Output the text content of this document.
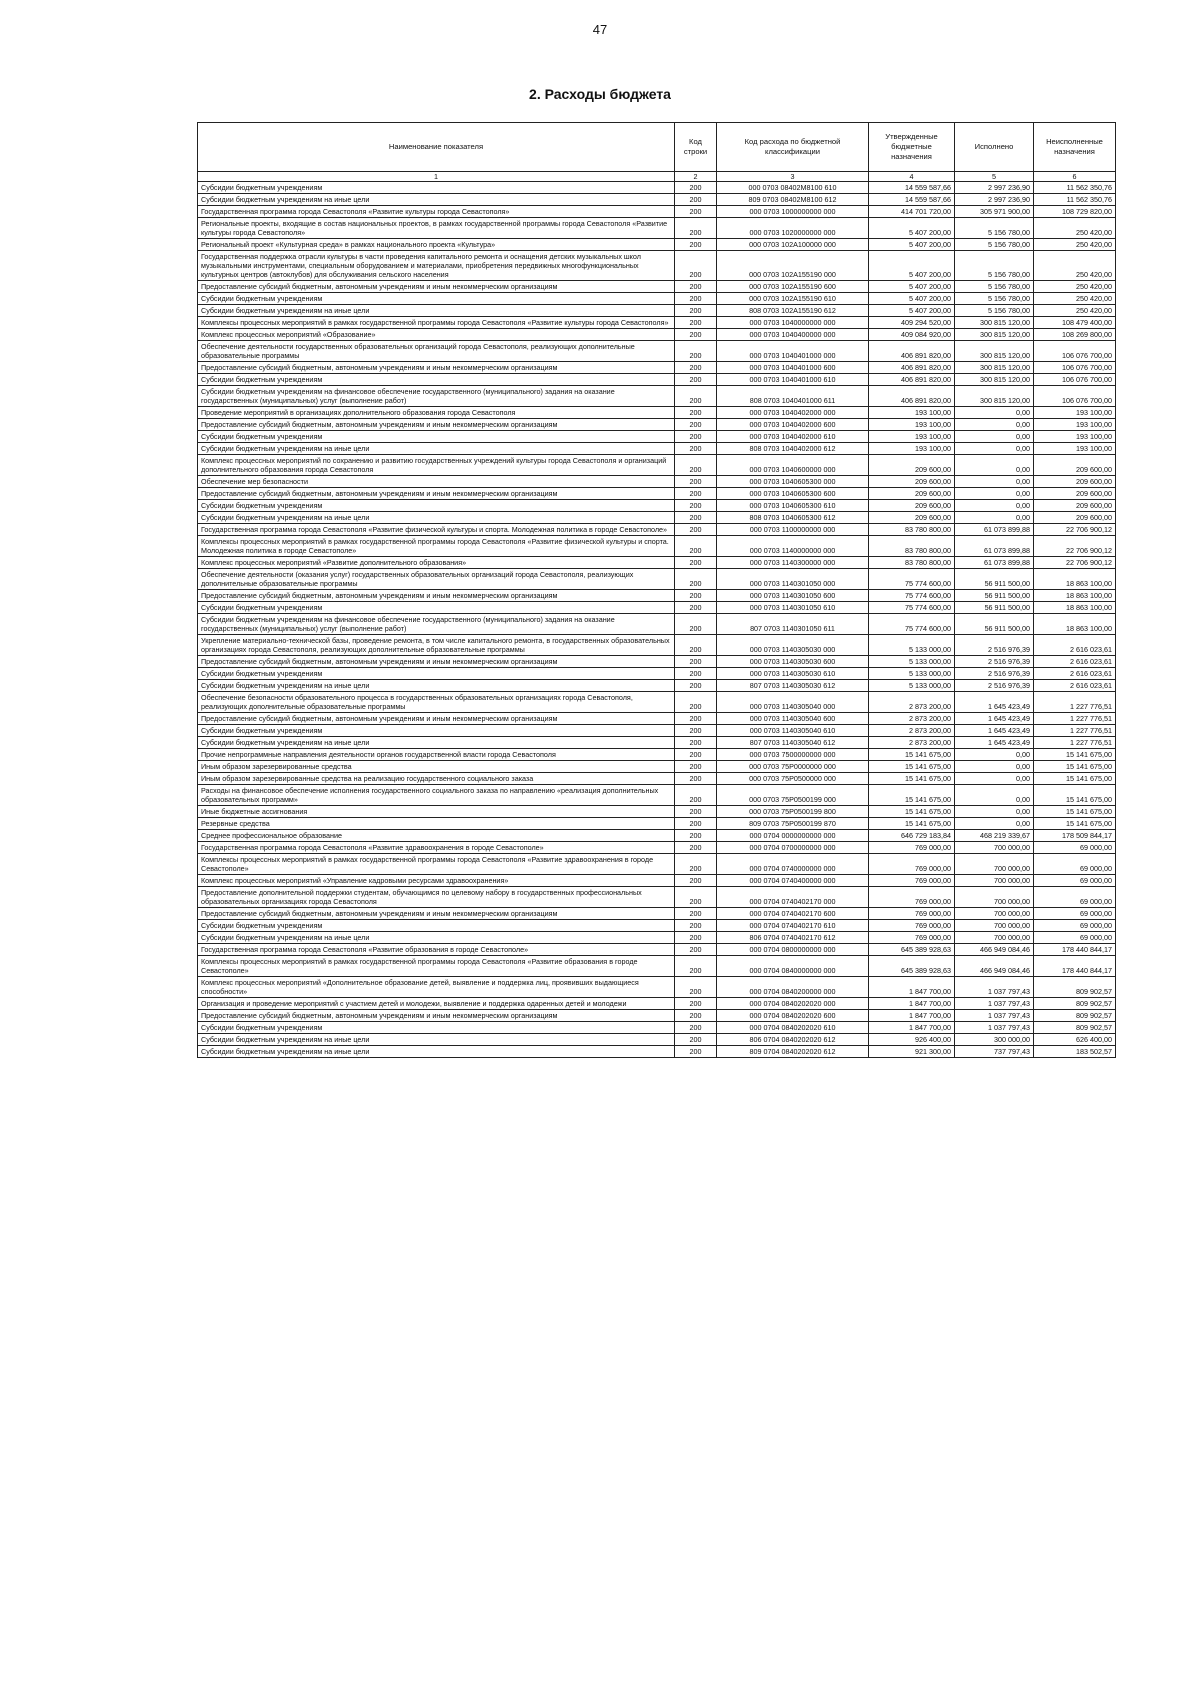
47
2. Расходы бюджета
Наименование показателя	Код строки	Код расхода по бюджетной классификации	Утвержденные бюджетные назначения	Исполнено	Неисполненные назначения
1	2	3	4	5	6
Субсидии бюджетным учреждениям	200	000 0703 08402M8100 610	14 559 587,66	2 997 236,90	11 562 350,76
Субсидии бюджетным учреждениям на иные цели	200	809 0703 08402M8100 612	14 559 587,66	2 997 236,90	11 562 350,76
Государственная программа города Севастополя «Развитие культуры города Севастополя»	200	000 0703 1000000000 000	414 701 720,00	305 971 900,00	108 729 820,00
Региональные проекты, входящие в состав национальных проектов, в рамках государственной программы города Севастополя «Развитие культуры города Севастополя»	200	000 0703 1020000000 000	5 407 200,00	5 156 780,00	250 420,00
Региональный проект «Культурная среда» в рамках национального проекта «Культура»	200	000 0703 102A100000 000	5 407 200,00	5 156 780,00	250 420,00
Государственная поддержка отрасли культуры в части проведения капитального ремонта и оснащения детских музыкальных школ музыкальными инструментами, специальным оборудованием и материалами, приобретения передвижных многофункциональных культурных центров (автоклубов) для обслуживания сельского населения	200	000 0703 102A155190 000	5 407 200,00	5 156 780,00	250 420,00
Предоставление субсидий бюджетным, автономным учреждениям и иным некоммерческим организациям	200	000 0703 102A155190 600	5 407 200,00	5 156 780,00	250 420,00
Субсидии бюджетным учреждениям	200	000 0703 102A155190 610	5 407 200,00	5 156 780,00	250 420,00
Субсидии бюджетным учреждениям на иные цели	200	808 0703 102A155190 612	5 407 200,00	5 156 780,00	250 420,00
Комплексы процессных мероприятий в рамках государственной программы города Севастополя «Развитие культуры города Севастополя»	200	000 0703 1040000000 000	409 294 520,00	300 815 120,00	108 479 400,00
Комплекс процессных мероприятий «Образование»	200	000 0703 1040400000 000	409 084 920,00	300 815 120,00	108 269 800,00
Обеспечение деятельности государственных образовательных организаций города Севастополя, реализующих дополнительные образовательные программы	200	000 0703 1040401000 000	406 891 820,00	300 815 120,00	106 076 700,00
Предоставление субсидий бюджетным, автономным учреждениям и иным некоммерческим организациям	200	000 0703 1040401000 600	406 891 820,00	300 815 120,00	106 076 700,00
Субсидии бюджетным учреждениям	200	000 0703 1040401000 610	406 891 820,00	300 815 120,00	106 076 700,00
Субсидии бюджетным учреждениям на финансовое обеспечение государственного (муниципального) задания на оказание государственных (муниципальных) услуг (выполнение работ)	200	808 0703 1040401000 611	406 891 820,00	300 815 120,00	106 076 700,00
Проведение мероприятий в организациях дополнительного образования города Севастополя	200	000 0703 1040402000 000	193 100,00	0,00	193 100,00
Предоставление субсидий бюджетным, автономным учреждениям и иным некоммерческим организациям	200	000 0703 1040402000 600	193 100,00	0,00	193 100,00
Субсидии бюджетным учреждениям	200	000 0703 1040402000 610	193 100,00	0,00	193 100,00
Субсидии бюджетным учреждениям на иные цели	200	808 0703 1040402000 612	193 100,00	0,00	193 100,00
Комплекс процессных мероприятий по сохранению и развитию государственных учреждений культуры города Севастополя и организаций дополнительного образования города Севастополя	200	000 0703 1040600000 000	209 600,00	0,00	209 600,00
Обеспечение мер безопасности	200	000 0703 1040605300 000	209 600,00	0,00	209 600,00
Предоставление субсидий бюджетным, автономным учреждениям и иным некоммерческим организациям	200	000 0703 1040605300 600	209 600,00	0,00	209 600,00
Субсидии бюджетным учреждениям	200	000 0703 1040605300 610	209 600,00	0,00	209 600,00
Субсидии бюджетным учреждениям на иные цели	200	808 0703 1040605300 612	209 600,00	0,00	209 600,00
Государственная программа города Севастополя «Развитие физической культуры и спорта. Молодежная политика в городе Севастополе»	200	000 0703 1100000000 000	83 780 800,00	61 073 899,88	22 706 900,12
Комплексы процессных мероприятий в рамках государственной программы города Севастополя «Развитие физической культуры и спорта. Молодежная политика в городе Севастополе»	200	000 0703 1140000000 000	83 780 800,00	61 073 899,88	22 706 900,12
Комплекс процессных мероприятий «Развитие дополнительного образования»	200	000 0703 1140300000 000	83 780 800,00	61 073 899,88	22 706 900,12
Обеспечение деятельности (оказания услуг) государственных образовательных организаций города Севастополя, реализующих дополнительные образовательные программы	200	000 0703 1140301050 000	75 774 600,00	56 911 500,00	18 863 100,00
Предоставление субсидий бюджетным, автономным учреждениям и иным некоммерческим организациям	200	000 0703 1140301050 600	75 774 600,00	56 911 500,00	18 863 100,00
Субсидии бюджетным учреждениям	200	000 0703 1140301050 610	75 774 600,00	56 911 500,00	18 863 100,00
Субсидии бюджетным учреждениям на финансовое обеспечение государственного (муниципального) задания на оказание государственных (муниципальных) услуг (выполнение работ)	200	807 0703 1140301050 611	75 774 600,00	56 911 500,00	18 863 100,00
Укрепление материально-технической базы, проведение ремонта, в том числе капитального ремонта, в государственных образовательных организациях города Севастополя, реализующих дополнительные образовательные программы	200	000 0703 1140305030 000	5 133 000,00	2 516 976,39	2 616 023,61
Предоставление субсидий бюджетным, автономным учреждениям и иным некоммерческим организациям	200	000 0703 1140305030 600	5 133 000,00	2 516 976,39	2 616 023,61
Субсидии бюджетным учреждениям	200	000 0703 1140305030 610	5 133 000,00	2 516 976,39	2 616 023,61
Субсидии бюджетным учреждениям на иные цели	200	807 0703 1140305030 612	5 133 000,00	2 516 976,39	2 616 023,61
Обеспечение безопасности образовательного процесса в государственных образовательных организациях города Севастополя, реализующих дополнительные образовательные программы	200	000 0703 1140305040 000	2 873 200,00	1 645 423,49	1 227 776,51
Предоставление субсидий бюджетным, автономным учреждениям и иным некоммерческим организациям	200	000 0703 1140305040 600	2 873 200,00	1 645 423,49	1 227 776,51
Субсидии бюджетным учреждениям	200	000 0703 1140305040 610	2 873 200,00	1 645 423,49	1 227 776,51
Субсидии бюджетным учреждениям на иные цели	200	807 0703 1140305040 612	2 873 200,00	1 645 423,49	1 227 776,51
Прочие непрограммные направления деятельности органов государственной власти города Севастополя	200	000 0703 7500000000 000	15 141 675,00	0,00	15 141 675,00
Иным образом зарезервированные средства	200	000 0703 75P0000000 000	15 141 675,00	0,00	15 141 675,00
Иным образом зарезервированные средства на реализацию государственного социального заказа	200	000 0703 75P0500000 000	15 141 675,00	0,00	15 141 675,00
Расходы на финансовое обеспечение исполнения государственного социального заказа по направлению «реализация дополнительных образовательных программ»	200	000 0703 75P0500199 000	15 141 675,00	0,00	15 141 675,00
Иные бюджетные ассигнования	200	000 0703 75P0500199 800	15 141 675,00	0,00	15 141 675,00
Резервные средства	200	809 0703 75P0500199 870	15 141 675,00	0,00	15 141 675,00
Среднее профессиональное образование	200	000 0704 0000000000 000	646 729 183,84	468 219 339,67	178 509 844,17
Государственная программа города Севастополя «Развитие здравоохранения в городе Севастополе»	200	000 0704 0700000000 000	769 000,00	700 000,00	69 000,00
Комплексы процессных мероприятий в рамках государственной программы города Севастополя «Развитие здравоохранения в городе Севастополе»	200	000 0704 0740000000 000	769 000,00	700 000,00	69 000,00
Комплекс процессных мероприятий «Управление кадровыми ресурсами здравоохранения»	200	000 0704 0740400000 000	769 000,00	700 000,00	69 000,00
Предоставление дополнительной поддержки студентам, обучающимся по целевому набору в государственных профессиональных образовательных организациях города Севастополя	200	000 0704 0740402170 000	769 000,00	700 000,00	69 000,00
Предоставление субсидий бюджетным, автономным учреждениям и иным некоммерческим организациям	200	000 0704 0740402170 600	769 000,00	700 000,00	69 000,00
Субсидии бюджетным учреждениям	200	000 0704 0740402170 610	769 000,00	700 000,00	69 000,00
Субсидии бюджетным учреждениям на иные цели	200	806 0704 0740402170 612	769 000,00	700 000,00	69 000,00
Государственная программа города Севастополя «Развитие образования в городе Севастополе»	200	000 0704 0800000000 000	645 389 928,63	466 949 084,46	178 440 844,17
Комплексы процессных мероприятий в рамках государственной программы города Севастополя «Развитие образования в городе Севастополе»	200	000 0704 0840000000 000	645 389 928,63	466 949 084,46	178 440 844,17
Комплекс процессных мероприятий «Дополнительное образование детей, выявление и поддержка лиц, проявивших выдающиеся способности»	200	000 0704 0840200000 000	1 847 700,00	1 037 797,43	809 902,57
Организация и проведение мероприятий с участием детей и молодежи, выявление и поддержка одаренных детей и молодежи	200	000 0704 0840202020 000	1 847 700,00	1 037 797,43	809 902,57
Предоставление субсидий бюджетным, автономным учреждениям и иным некоммерческим организациям	200	000 0704 0840202020 600	1 847 700,00	1 037 797,43	809 902,57
Субсидии бюджетным учреждениям	200	000 0704 0840202020 610	1 847 700,00	1 037 797,43	809 902,57
Субсидии бюджетным учреждениям на иные цели	200	806 0704 0840202020 612	926 400,00	300 000,00	626 400,00
Субсидии бюджетным учреждениям на иные цели	200	809 0704 0840202020 612	921 300,00	737 797,43	183 502,57
